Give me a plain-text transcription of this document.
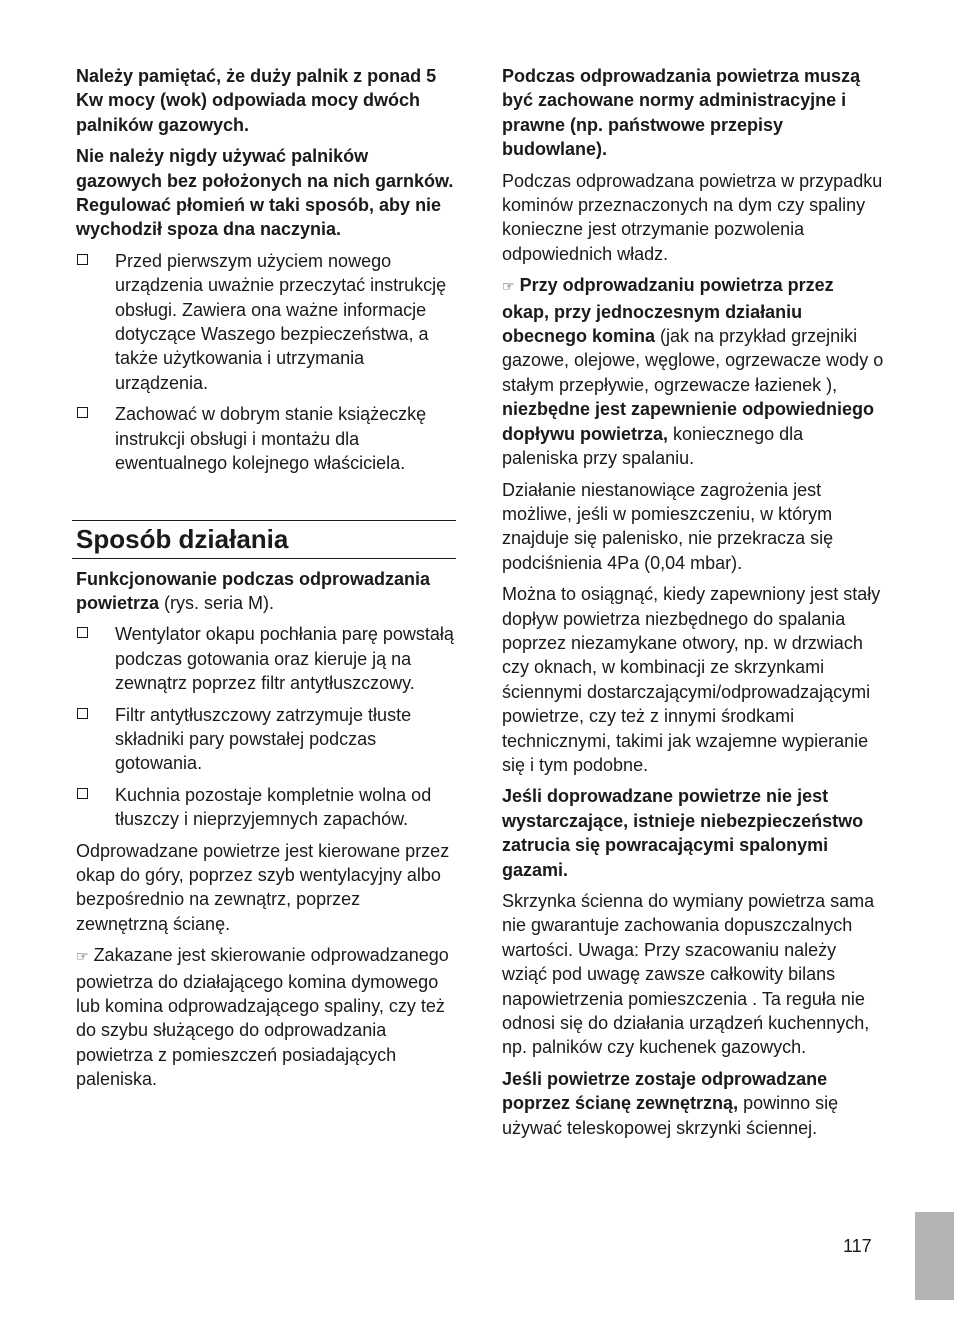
Należy pamiętać, że duży palnik z ponad 5 Kw mocy (wok) odpowiada mocy dwóch palników gazowych.

Nie należy nigdy używać palników gazowych bez położonych na nich garnków. Regulować płomień w taki sposób, aby nie wychodził spoza dna naczynia.

Przed pierwszym użyciem nowego urządzenia uważnie przeczytać instrukcję obsługi. Zawiera ona ważne informacje dotyczące Waszego bezpieczeństwa, a także użytkowania i utrzymania urządzenia.
Zachować w dobrym stanie książeczkę instrukcji obsługi i montażu dla ewentualnego kolejnego właściciela.
Sposób działania

Funkcjonowanie podczas odprowadzania powietrza (rys. seria M).

Wentylator okapu pochłania parę powstałą podczas gotowania oraz kieruje ją na zewnątrz poprzez filtr antytłuszczowy.
Filtr antytłuszczowy zatrzymuje tłuste składniki pary powstałej podczas gotowania.
Kuchnia pozostaje kompletnie wolna od tłuszczy i nieprzyjemnych zapachów.

Odprowadzane powietrze jest kierowane przez okap do góry, poprzez szyb wentylacyjny albo bezpośrednio na zewnątrz, poprzez zewnętrzną ścianę.

☞ Zakazane jest skierowanie odprowadzanego powietrza do działającego komina dymowego lub komina odprowadzającego spaliny, czy też do szybu służącego do odprowadzania powietrza z pomieszczeń posiadających paleniska.

Podczas odprowadzania powietrza muszą być zachowane normy administracyjne i prawne (np. państwowe przepisy budowlane).

Podczas odprowadzana powietrza w przypadku kominów przeznaczonych na dym czy spaliny konieczne jest otrzymanie pozwolenia odpowiednich władz.

☞ Przy odprowadzaniu powietrza przez okap, przy jednoczesnym działaniu obecnego komina (jak na przykład grzejniki gazowe, olejowe, węglowe, ogrzewacze wody o stałym przepływie, ogrzewacze łazienek ), niezbędne jest zapewnienie odpowiedniego dopływu powietrza, koniecznego dla paleniska przy spalaniu.

Działanie niestanowiące zagrożenia jest możliwe, jeśli w pomieszczeniu, w którym znajduje się palenisko, nie przekracza się podciśnienia 4Pa (0,04 mbar).

Można to osiągnąć, kiedy zapewniony jest stały dopływ powietrza niezbędnego do spalania poprzez niezamykane otwory, np. w drzwiach czy oknach, w kombinacji ze skrzynkami ściennymi dostarczającymi/odprowadzającymi powietrze, czy też z innymi środkami technicznymi, takimi jak wzajemne wypieranie się i tym podobne.

Jeśli doprowadzane powietrze nie jest wystarczające, istnieje niebezpieczeństwo zatrucia się powracającymi spalonymi gazami.

Skrzynka ścienna do wymiany powietrza sama nie gwarantuje zachowania dopuszczalnych wartości. Uwaga: Przy szacowaniu należy wziąć pod uwagę zawsze całkowity bilans napowietrzenia pomieszczenia . Ta reguła nie odnosi się do działania urządzeń kuchennych, np. palników czy kuchenek gazowych.

Jeśli powietrze zostaje odprowadzane poprzez ścianę zewnętrzną, powinno się używać teleskopowej skrzynki ściennej.

117
